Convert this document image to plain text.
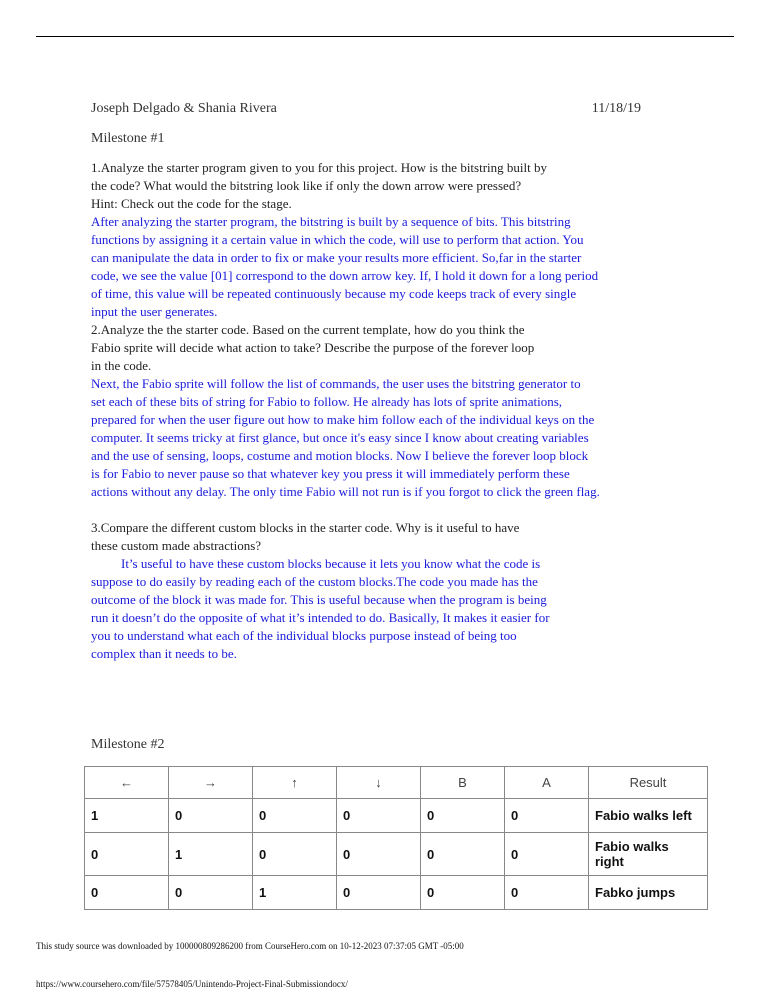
Joseph Delgado & Shania Rivera	11/18/19
Milestone #1
1.Analyze the starter program given to you for this project. How is the bitstring built by
the code? What would the bitstring look like if only the down arrow were pressed?
Hint: Check out the code for the stage.
After analyzing the starter program, the bitstring is built by a sequence of bits. This bitstring
functions by assigning it a certain value in which the code, will use to perform that action. You
can manipulate the data in order to fix or make your results more efficient. So,far in the starter
code, we see the value [01] correspond to the down arrow key. If, I hold it down for a long period
of time, this value will be repeated continuously because my code keeps track of every single
input the user generates.
2.Analyze the the starter code. Based on the current template, how do you think the
Fabio sprite will decide what action to take? Describe the purpose of the forever loop
in the code.
Next, the Fabio sprite will follow the list of commands, the user uses the bitstring generator to
set each of these bits of string for Fabio to follow. He already has lots of sprite animations,
prepared for when the user figure out how to make him follow each of the individual keys on the
computer. It seems tricky at first glance, but once it's easy since I know about creating variables
and the use of sensing, loops, costume and motion blocks. Now I believe the forever loop block
is for Fabio to never pause so that whatever key you press it will immediately perform these
actions without any delay. The only time Fabio will not run is if you forgot to click the green flag.
3.Compare the different custom blocks in the starter code. Why is it useful to have
these custom made abstractions?
It’s useful to have these custom blocks because it lets you know what the code is
suppose to do easily by reading each of the custom blocks.The code you made has the
outcome of the block it was made for. This is useful because when the program is being
run it doesn’t do the opposite of what it’s intended to do. Basically, It makes it easier for
you to understand what each of the individual blocks purpose instead of being too
complex than it needs to be.
Milestone #2
←	→	↑	↓	B	A	Result
1	0	0	0	0	0	Fabio walks left
0	1	0	0	0	0	Fabio walks right
0	0	1	0	0	0	Fabko jumps
This study source was downloaded by 100000809286200 from CourseHero.com on 10-12-2023 07:37:05 GMT -05:00
https://www.coursehero.com/file/57578405/Unintendo-Project-Final-Submissiondocx/
